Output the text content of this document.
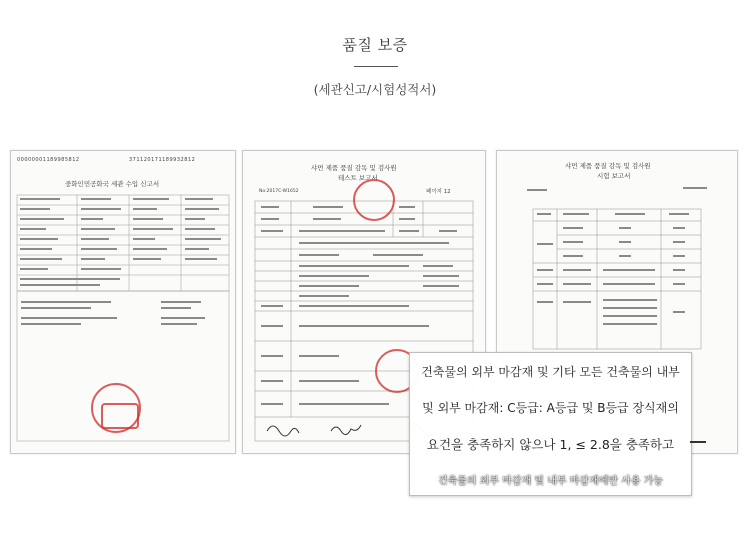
품질 보증
(세관신고/시험성적서)
00000001189985812	371120171189932812
중화인민공화국 세관 수입 신고서
샤먼 제품 품질 감독 및 검사원
테스트 보고서
No:2017C-W1652	페이지 12
샤먼 제품 품질 감독 및 검사원
시험 보고서
건축물의 외부 마감재 및 기타 모든 건축물의 내부
및 외부 마감재: C등급: A등급 및 B등급 장식재의
요건을 충족하지 않으나 1, ≤ 2.8을 충족하고
건축물의 외부 마감재 및 내부 마감재에만 사용 가능
